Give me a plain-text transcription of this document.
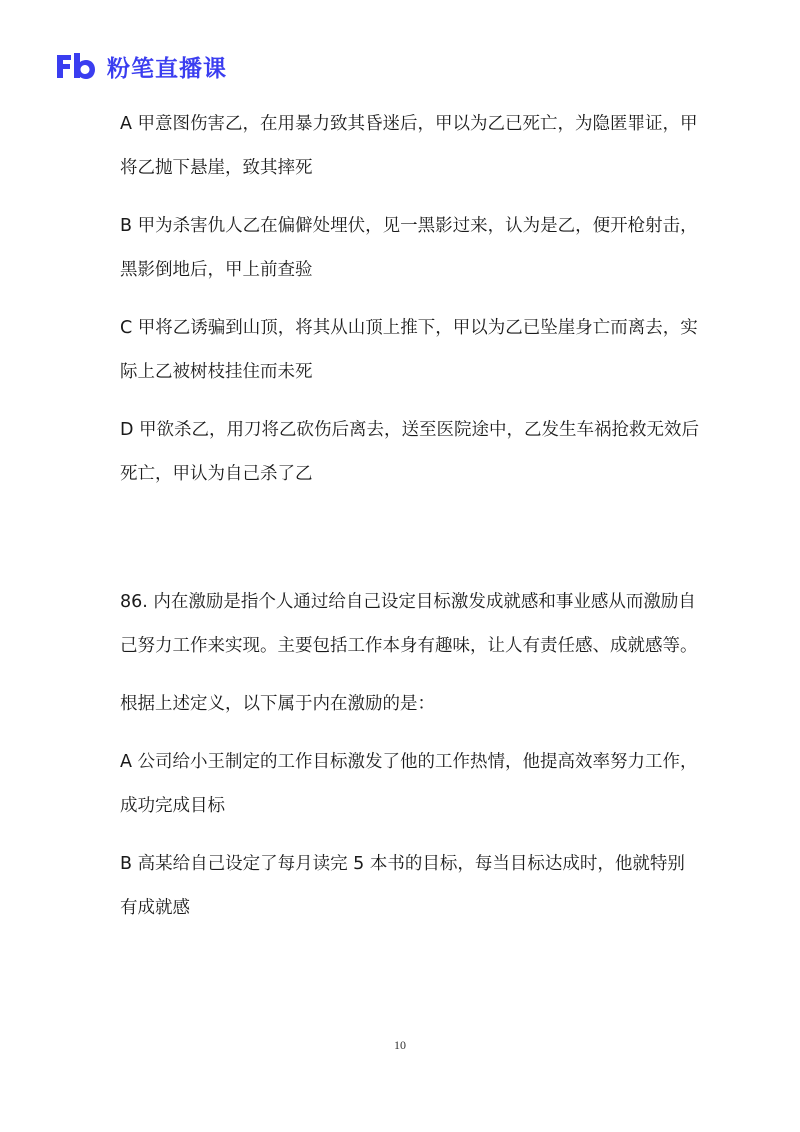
粉笔直播课

A 甲意图伤害乙，在用暴力致其昏迷后，甲以为乙已死亡，为隐匿罪证，甲将乙抛下悬崖，致其摔死

B 甲为杀害仇人乙在偏僻处埋伏，见一黑影过来，认为是乙，便开枪射击，黑影倒地后，甲上前查验

C 甲将乙诱骗到山顶，将其从山顶上推下，甲以为乙已坠崖身亡而离去，实际上乙被树枝挂住而未死

D 甲欲杀乙，用刀将乙砍伤后离去，送至医院途中，乙发生车祸抢救无效后死亡，甲认为自己杀了乙

86. 内在激励是指个人通过给自己设定目标激发成就感和事业感从而激励自己努力工作来实现。主要包括工作本身有趣味，让人有责任感、成就感等。

根据上述定义，以下属于内在激励的是：

A 公司给小王制定的工作目标激发了他的工作热情，他提高效率努力工作，成功完成目标

B 高某给自己设定了每月读完 5 本书的目标，每当目标达成时，他就特别有成就感

10
